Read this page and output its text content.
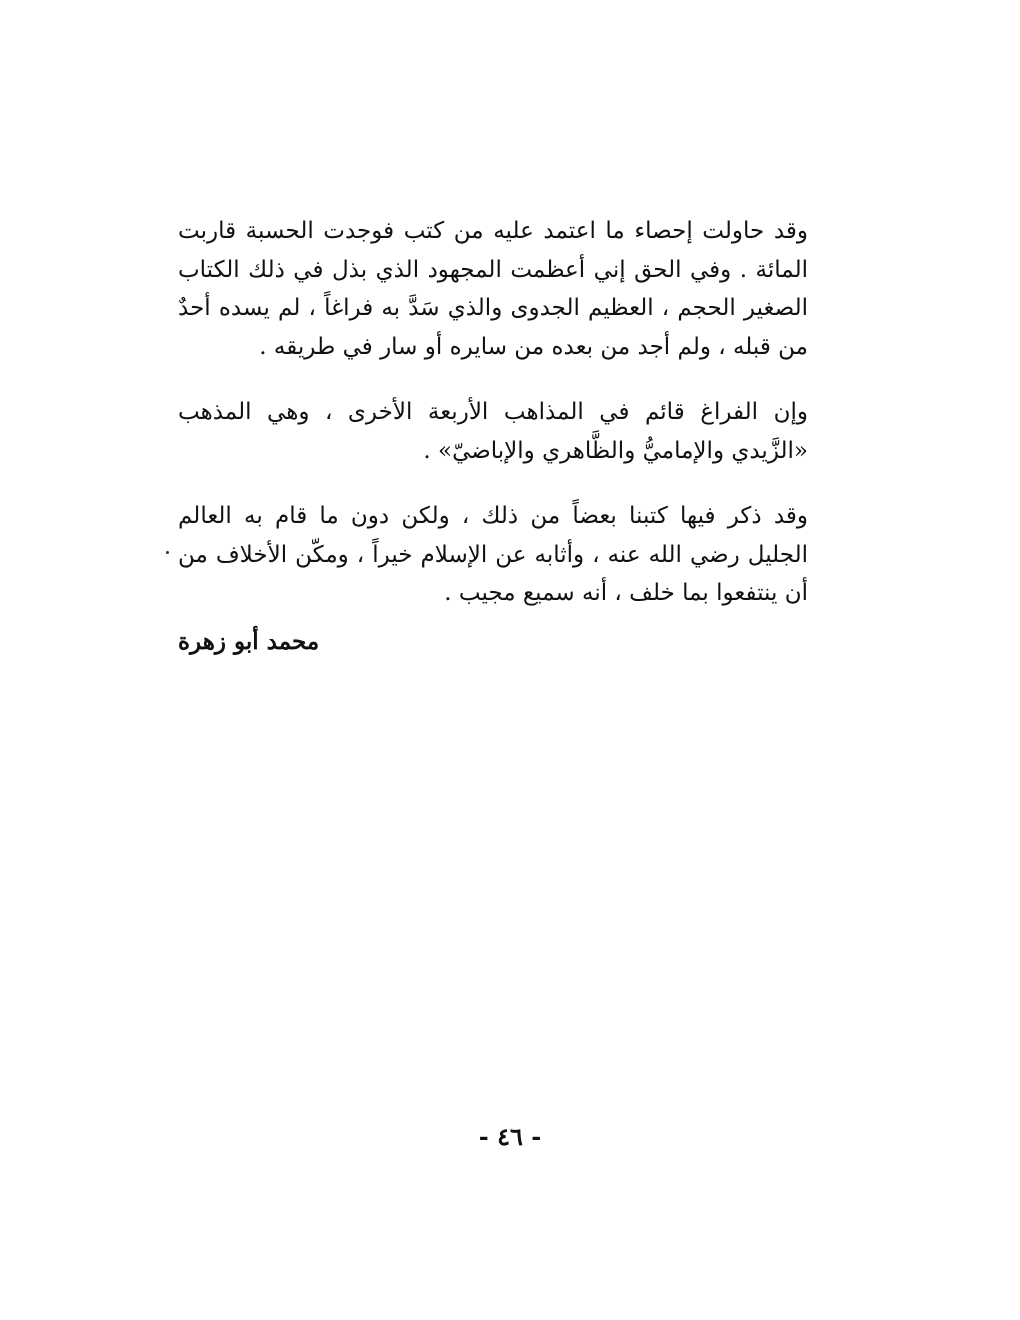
وقد حاولت إحصاء ما اعتمد عليه من كتب فوجدت الحسبة قاربت المائة . وفي الحق إني أعظمت المجهود الذي بذل في ذلك الكتاب الصغير الحجم ، العظيم الجدوى والذي سَدَّ به فراغاً ، لم يسده أحدٌ من قبله ، ولم أجد من بعده من سايره أو سار في طريقه .

وإن الفراغ قائم في المذاهب الأربعة الأخرى ، وهي المذهب «الزَّيدي والإماميُّ والظَّاهري والإباضيّ» .

وقد ذكر فيها كتبنا بعضاً من ذلك ، ولكن دون ما قام به العالم الجليل رضي الله عنه ، وأثابه عن الإسلام خيراً ، ومكّن الأخلاف من أن ينتفعوا بما خلف ، أنه سميع مجيب .

محمد أبو زهرة
- ٤٦ -
